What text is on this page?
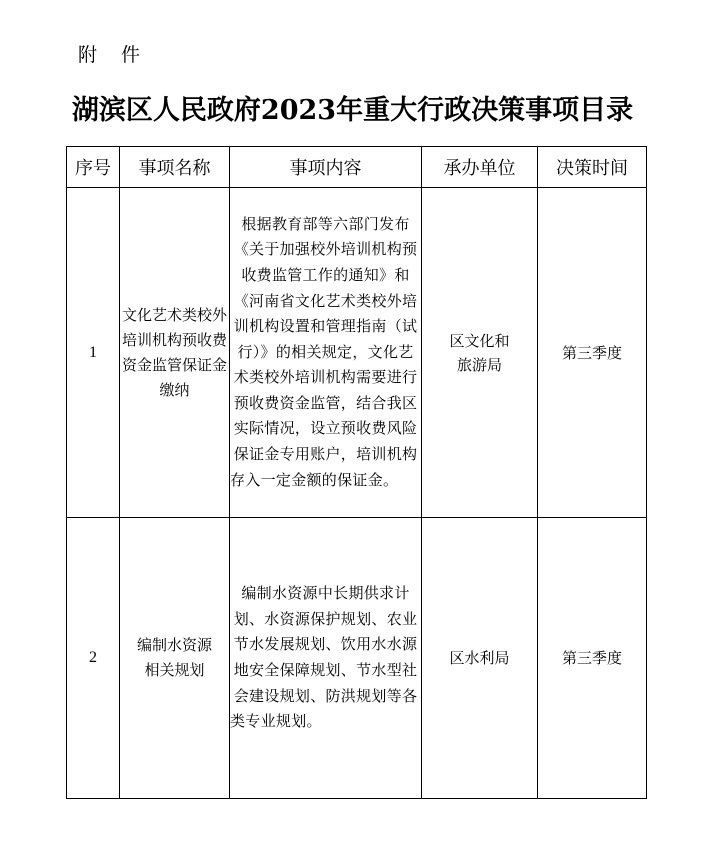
附 件
湖滨区人民政府2023年重大行政决策事项目录
序号	事项名称	事项内容	承办单位	决策时间
1	文化艺术类校外培训机构预收费资金监管保证金缴纳	根据教育部等六部门发布《关于加强校外培训机构预收费监管工作的通知》和《河南省文化艺术类校外培训机构设置和管理指南（试行）》的相关规定，文化艺术类校外培训机构需要进行预收费资金监管，结合我区实际情况，设立预收费风险保证金专用账户，培训机构存入一定金额的保证金。	区文化和旅游局	第三季度
2	编制水资源相关规划	编制水资源中长期供求计划、水资源保护规划、农业节水发展规划、饮用水水源地安全保障规划、节水型社会建设规划、防洪规划等各类专业规划。	区水利局	第三季度
